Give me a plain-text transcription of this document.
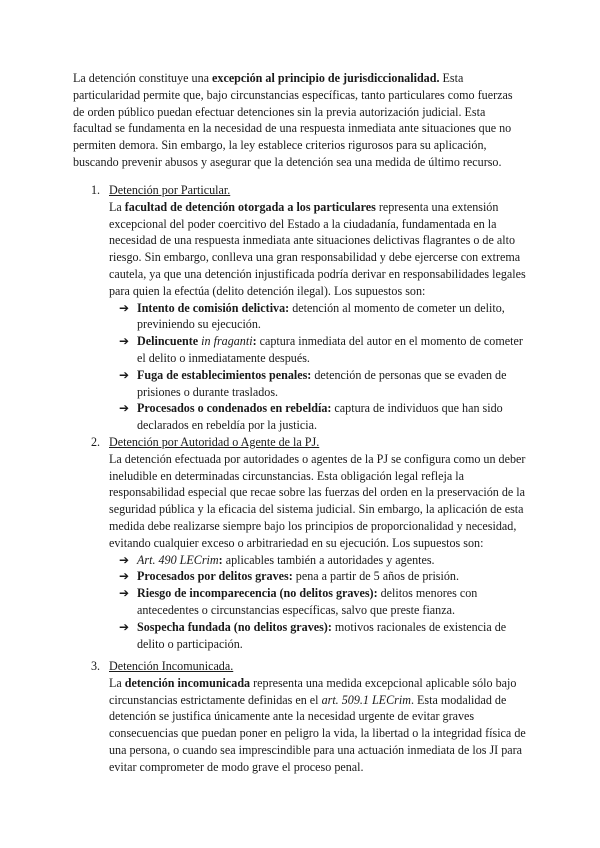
La detención constituye una excepción al principio de jurisdiccionalidad. Esta particularidad permite que, bajo circunstancias específicas, tanto particulares como fuerzas de orden público puedan efectuar detenciones sin la previa autorización judicial. Esta facultad se fundamenta en la necesidad de una respuesta inmediata ante situaciones que no permiten demora. Sin embargo, la ley establece criterios rigurosos para su aplicación, buscando prevenir abusos y asegurar que la detención sea una medida de último recurso.

1. Detención por Particular.

La facultad de detención otorgada a los particulares representa una extensión excepcional del poder coercitivo del Estado a la ciudadanía, fundamentada en la necesidad de una respuesta inmediata ante situaciones delictivas flagrantes o de alto riesgo. Sin embargo, conlleva una gran responsabilidad y debe ejercerse con extrema cautela, ya que una detención injustificada podría derivar en responsabilidades legales para quien la efectúa (delito detención ilegal). Los supuestos son:

➔ Intento de comisión delictiva: detención al momento de cometer un delito, previniendo su ejecución.
➔ Delincuente in fraganti: captura inmediata del autor en el momento de cometer el delito o inmediatamente después.
➔ Fuga de establecimientos penales: detención de personas que se evaden de prisiones o durante traslados.
➔ Procesados o condenados en rebeldía: captura de individuos que han sido declarados en rebeldía por la justicia.
2. Detención por Autoridad o Agente de la PJ.

La detención efectuada por autoridades o agentes de la PJ se configura como un deber ineludible en determinadas circunstancias. Esta obligación legal refleja la responsabilidad especial que recae sobre las fuerzas del orden en la preservación de la seguridad pública y la eficacia del sistema judicial. Sin embargo, la aplicación de esta medida debe realizarse siempre bajo los principios de proporcionalidad y necesidad, evitando cualquier exceso o arbitrariedad en su ejecución. Los supuestos son:

➔ Art. 490 LECrim: aplicables también a autoridades y agentes.
➔ Procesados por delitos graves: pena a partir de 5 años de prisión.
➔ Riesgo de incomparecencia (no delitos graves): delitos menores con antecedentes o circunstancias específicas, salvo que preste fianza.
➔ Sospecha fundada (no delitos graves): motivos racionales de existencia de delito o participación.
3. Detención Incomunicada.

La detención incomunicada representa una medida excepcional aplicable sólo bajo circunstancias estrictamente definidas en el art. 509.1 LECrim. Esta modalidad de detención se justifica únicamente ante la necesidad urgente de evitar graves consecuencias que puedan poner en peligro la vida, la libertad o la integridad física de una persona, o cuando sea imprescindible para una actuación inmediata de los JI para evitar comprometer de modo grave el proceso penal.
